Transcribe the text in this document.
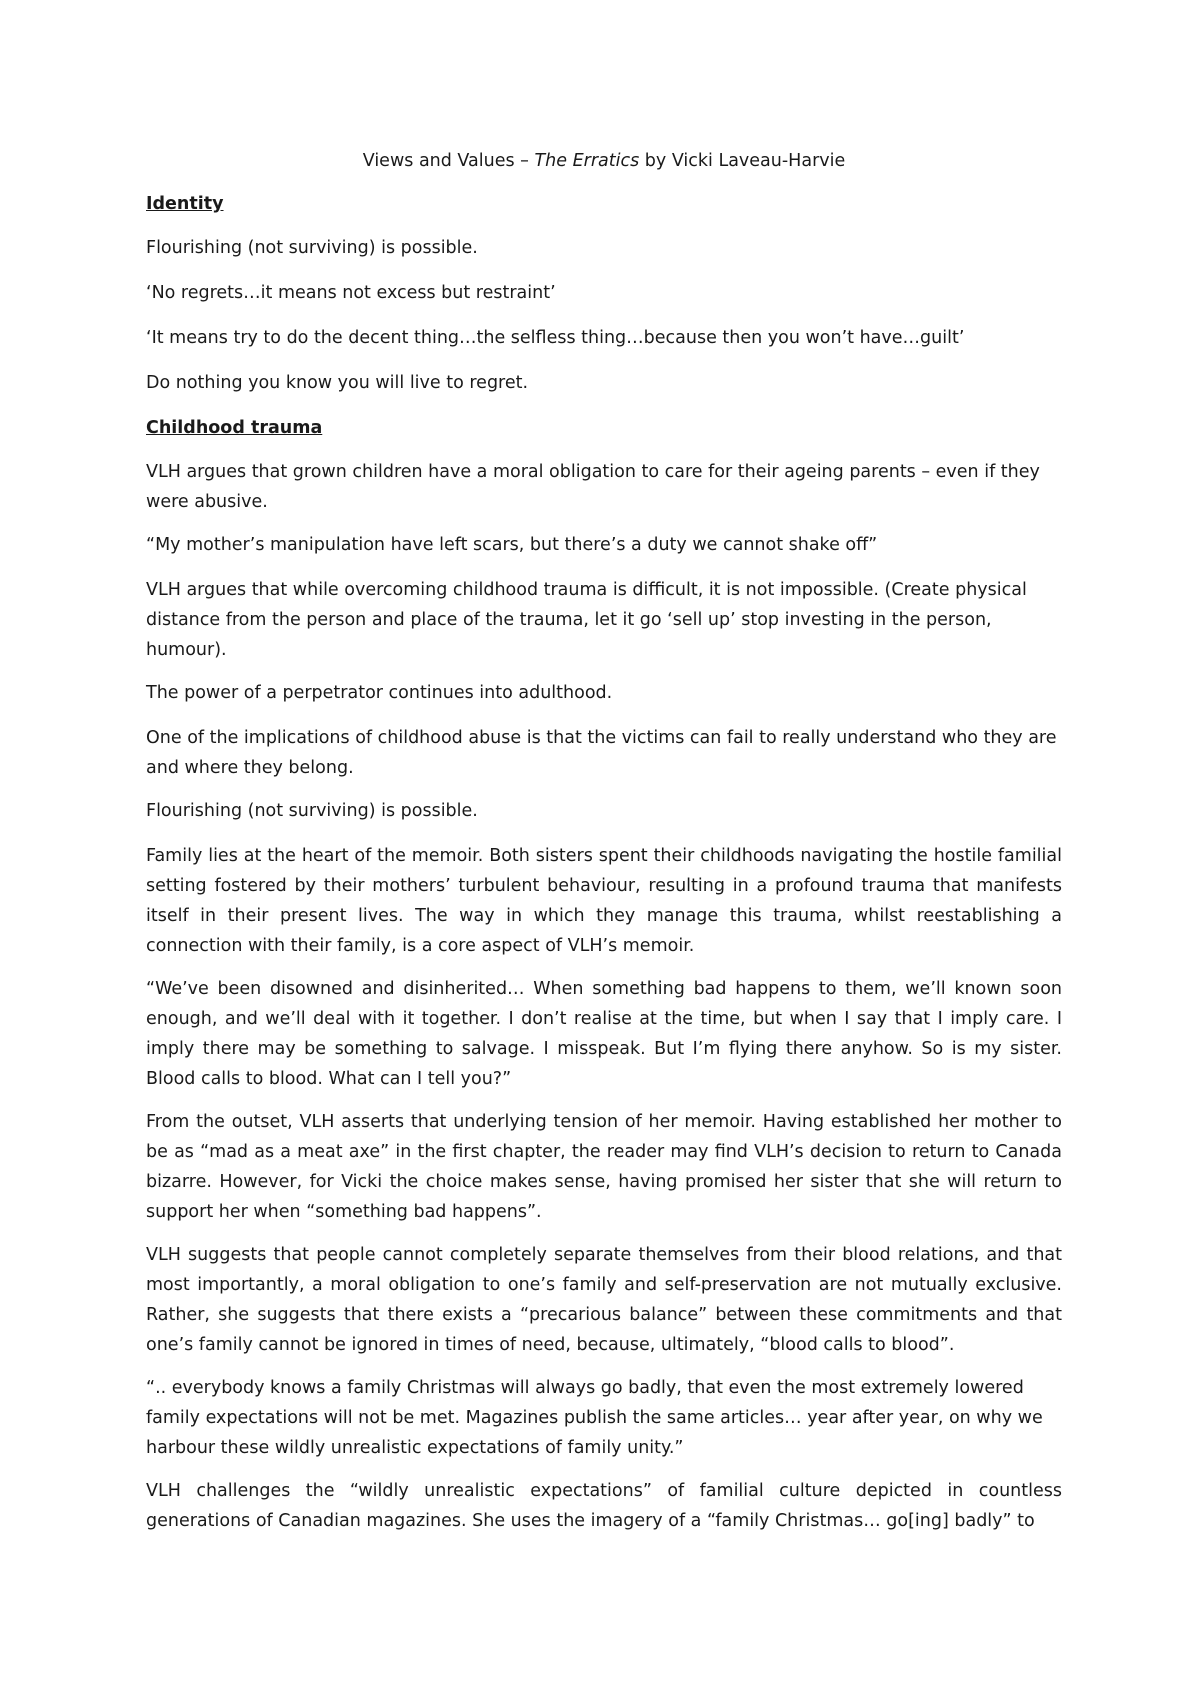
Views and Values – The Erratics by Vicki Laveau-Harvie
Identity

Flourishing (not surviving) is possible.

‘No regrets…it means not excess but restraint’

‘It means try to do the decent thing…the selfless thing…because then you won’t have…guilt’

Do nothing you know you will live to regret.

Childhood trauma

VLH argues that grown children have a moral obligation to care for their ageing parents – even if they were abusive.

“My mother’s manipulation have left scars, but there’s a duty we cannot shake off”

VLH argues that while overcoming childhood trauma is difficult, it is not impossible. (Create physical distance from the person and place of the trauma, let it go ‘sell up’ stop investing in the person, humour).

The power of a perpetrator continues into adulthood.

One of the implications of childhood abuse is that the victims can fail to really understand who they are and where they belong.

Flourishing (not surviving) is possible.

Family lies at the heart of the memoir. Both sisters spent their childhoods navigating the hostile familial setting fostered by their mothers’ turbulent behaviour, resulting in a profound trauma that manifests itself in their present lives. The way in which they manage this trauma, whilst reestablishing a connection with their family, is a core aspect of VLH’s memoir.

“We’ve been disowned and disinherited… When something bad happens to them, we’ll known soon enough, and we’ll deal with it together. I don’t realise at the time, but when I say that I imply care. I imply there may be something to salvage. I misspeak. But I’m flying there anyhow. So is my sister. Blood calls to blood. What can I tell you?”

From the outset, VLH asserts that underlying tension of her memoir. Having established her mother to be as “mad as a meat axe” in the first chapter, the reader may find VLH’s decision to return to Canada bizarre. However, for Vicki the choice makes sense, having promised her sister that she will return to support her when “something bad happens”.

VLH suggests that people cannot completely separate themselves from their blood relations, and that most importantly, a moral obligation to one’s family and self-preservation are not mutually exclusive. Rather, she suggests that there exists a “precarious balance” between these commitments and that one’s family cannot be ignored in times of need, because, ultimately, “blood calls to blood”.

“.. everybody knows a family Christmas will always go badly, that even the most extremely lowered family expectations will not be met. Magazines publish the same articles… year after year, on why we harbour these wildly unrealistic expectations of family unity.”

VLH challenges the “wildly unrealistic expectations” of familial culture depicted in countless generations of Canadian magazines. She uses the imagery of a “family Christmas… go[ing] badly” to
